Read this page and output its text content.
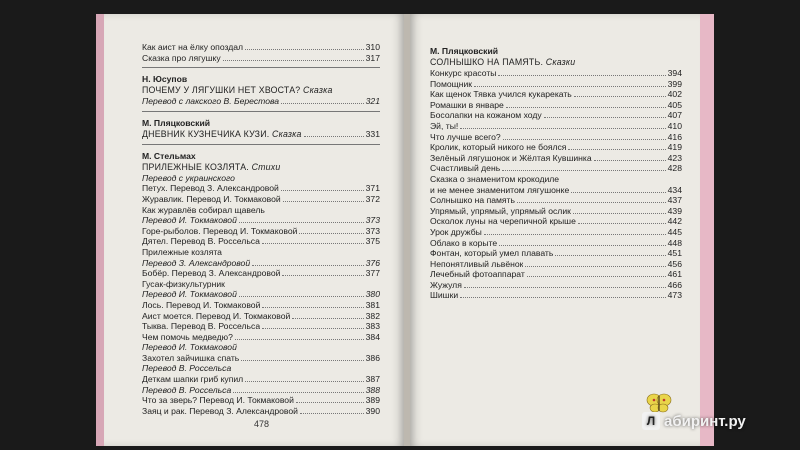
Как аист на ёлку опоздал	310
Сказка про лягушку	317
Н. Юсупов
ПОЧЕМУ У ЛЯГУШКИ НЕТ ХВОСТА? Сказка
Перевод с лакского В. Берестова	321
М. Пляцковский
ДНЕВНИК КУЗНЕЧИКА КУЗИ. Сказка	331
М. Стельмах
ПРИЛЕЖНЫЕ КОЗЛЯТА. Стихи
Перевод с украинского
Петух. Перевод З. Александровой	371
Журавлик. Перевод И. Токмаковой	372
Как журавлёв собирал щавель
Перевод И. Токмаковой	373
Горе-рыболов. Перевод И. Токмаковой	373
Дятел. Перевод В. Россельса	375
Прилежные козлята
Перевод З. Александровой	376
Бобёр. Перевод З. Александровой	377
Гусак-физкультурник
Перевод И. Токмаковой	380
Лось. Перевод И. Токмаковой	381
Аист моется. Перевод И. Токмаковой	382
Тыква. Перевод В. Россельса	383
Чем помочь медведю?	384
Перевод И. Токмаковой
Захотел зайчишка спать	386
Перевод В. Россельса
Деткам шапки гриб купил	387
Перевод В. Россельса	388
Что за зверь? Перевод И. Токмаковой	389
Заяц и рак. Перевод З. Александровой	390
478
М. Пляцковский
СОЛНЫШКО НА ПАМЯТЬ. Сказки
Конкурс красоты	394
Помощник	399
Как щенок Тявка учился кукарекать	402
Ромашки в январе	405
Босолапки на кожаном ходу	407
Эй, ты!	410
Что лучше всего?	416
Кролик, который никого не боялся	419
Зелёный лягушонок и Жёлтая Кувшинка	423
Счастливый день	428
Сказка о знаменитом крокодиле
и не менее знаменитом лягушонке	434
Солнышко на память	437
Упрямый, упрямый, упрямый ослик	439
Осколок луны на черепичной крыше	442
Урок дружбы	445
Облако в корыте	448
Фонтан, который умел плавать	451
Непонятливый львёнок	456
Лечебный фотоаппарат	461
Жужуля	466
Шишки	473
Л абиринт.ру
